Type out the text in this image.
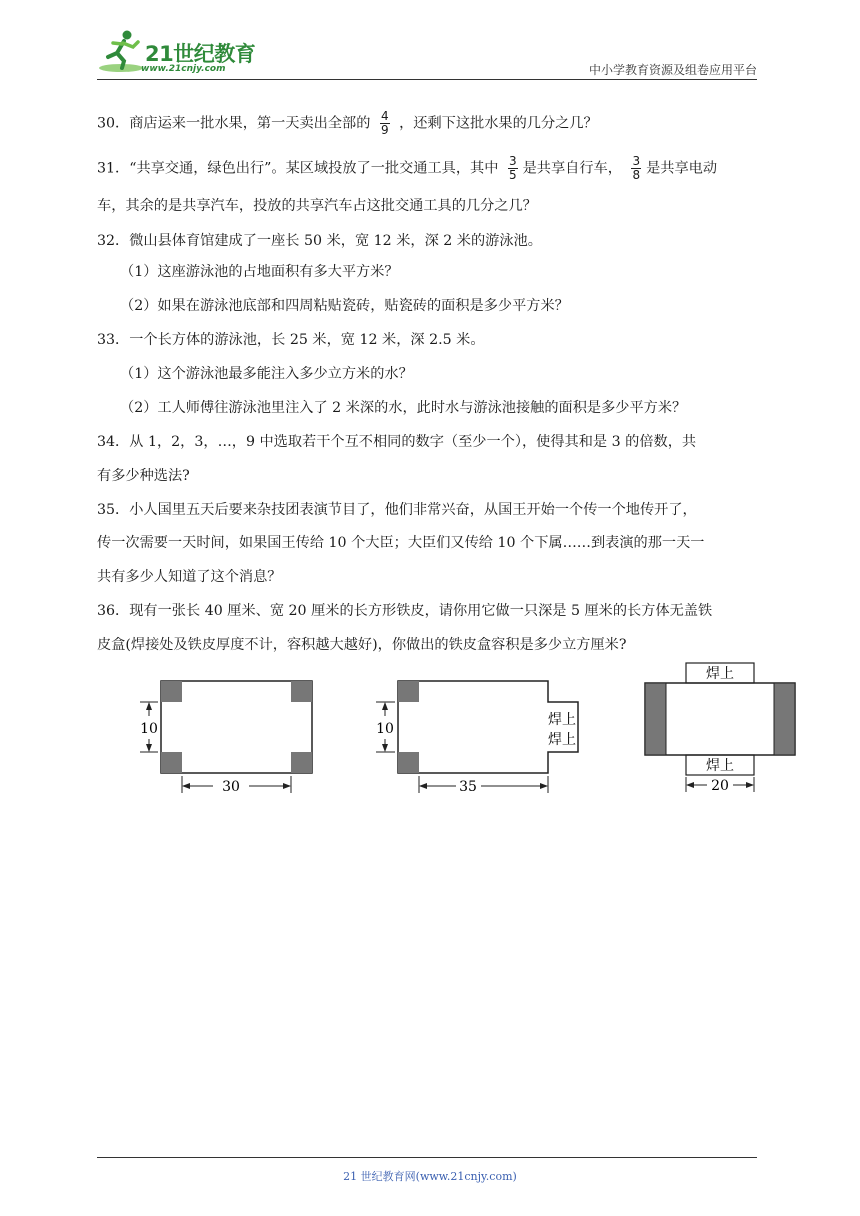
21世纪教育
www.21cnjy.com	中小学教育资源及组卷应用平台
30．商店运来一批水果，第一天卖出全部的 $\frac{4}{9}$ ，还剩下这批水果的几分之几？
31．“共享交通，绿色出行”。某区域投放了一批交通工具，其中 $\frac{3}{5}$ 是共享自行车， $\frac{3}{8}$ 是共享电动
车，其余的是共享汽车，投放的共享汽车占这批交通工具的几分之几？
32．微山县体育馆建成了一座长 50 米，宽 12 米，深 2 米的游泳池。
（1）这座游泳池的占地面积有多大平方米？
（2）如果在游泳池底部和四周粘贴瓷砖，贴瓷砖的面积是多少平方米？
33．一个长方体的游泳池，长 25 米，宽 12 米，深 2.5 米。
（1）这个游泳池最多能注入多少立方米的水？
（2）工人师傅往游泳池里注入了 2 米深的水，此时水与游泳池接触的面积是多少平方米？
34．从 1，2，3，…，9 中选取若干个互不相同的数字（至少一个），使得其和是 3 的倍数，共
有多少种选法?
35．小人国里五天后要来杂技团表演节目了，他们非常兴奋，从国王开始一个传一个地传开了，
传一次需要一天时间，如果国王传给 10 个大臣；大臣们又传给 10 个下属……到表演的那一天一
共有多少人知道了这个消息？
36．现有一张长 40 厘米、宽 20 厘米的长方形铁皮，请你用它做一只深是 5 厘米的长方体无盖铁
皮盒(焊接处及铁皮厚度不计，容积越大越好)，你做出的铁皮盒容积是多少立方厘米?
10
30
焊上
焊上
10
35
焊上
焊上
20
21 世纪教育网(www.21cnjy.com)
